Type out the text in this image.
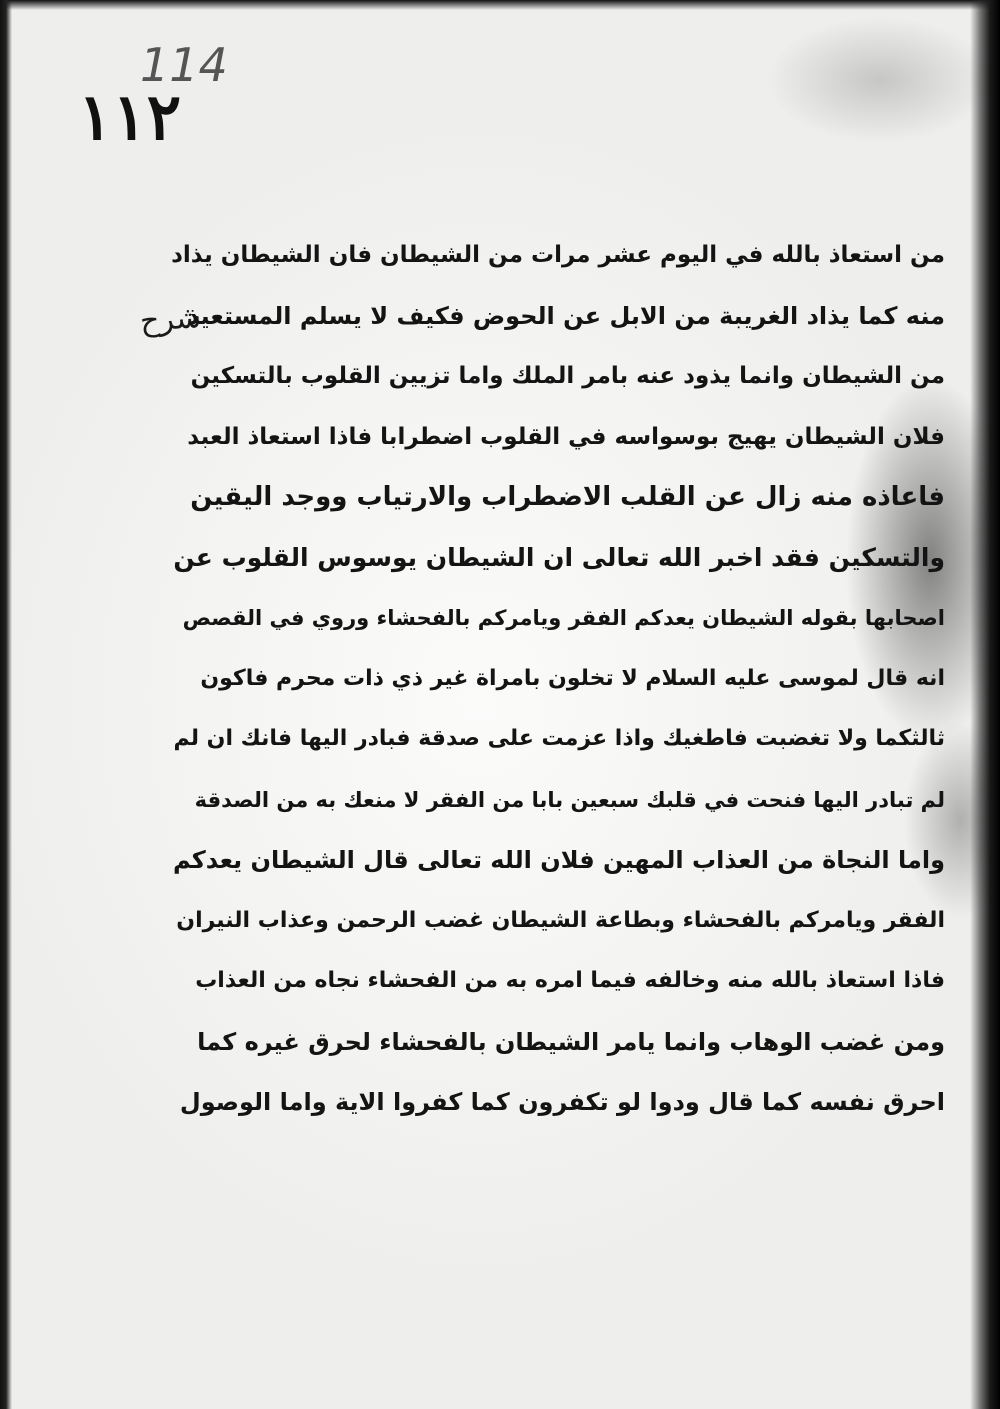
114
١١٢
شرح
من استعاذ بالله في اليوم عشر مرات من الشيطان فان الشيطان يذاد
منه كما يذاد الغريبة من الابل عن الحوض فكيف لا يسلم المستعيذ
من الشيطان وانما يذود عنه بامر الملك واما تزيين القلوب بالتسكين
فلان الشيطان يهيج بوسواسه في القلوب اضطرابا فاذا استعاذ العبد
فاعاذه منه زال عن القلب الاضطراب والارتياب ووجد اليقين
والتسكين فقد اخبر الله تعالى ان الشيطان يوسوس القلوب عن
اصحابها بقوله الشيطان يعدكم الفقر ويامركم بالفحشاء وروي في القصص
انه قال لموسى عليه السلام لا تخلون بامراة غير ذي ذات محرم فاكون
ثالثكما ولا تغضبت فاطغيك واذا عزمت على صدقة فبادر اليها فانك ان لم
لم تبادر اليها فنحت في قلبك سبعين بابا من الفقر لا منعك به من الصدقة
واما النجاة من العذاب المهين فلان الله تعالى قال الشيطان يعدكم
الفقر ويامركم بالفحشاء وبطاعة الشيطان غضب الرحمن وعذاب النيران
فاذا استعاذ بالله منه وخالفه فيما امره به من الفحشاء نجاه من العذاب
ومن غضب الوهاب وانما يامر الشيطان بالفحشاء لحرق غيره كما
احرق نفسه كما قال ودوا لو تكفرون كما كفروا الاية واما الوصول
